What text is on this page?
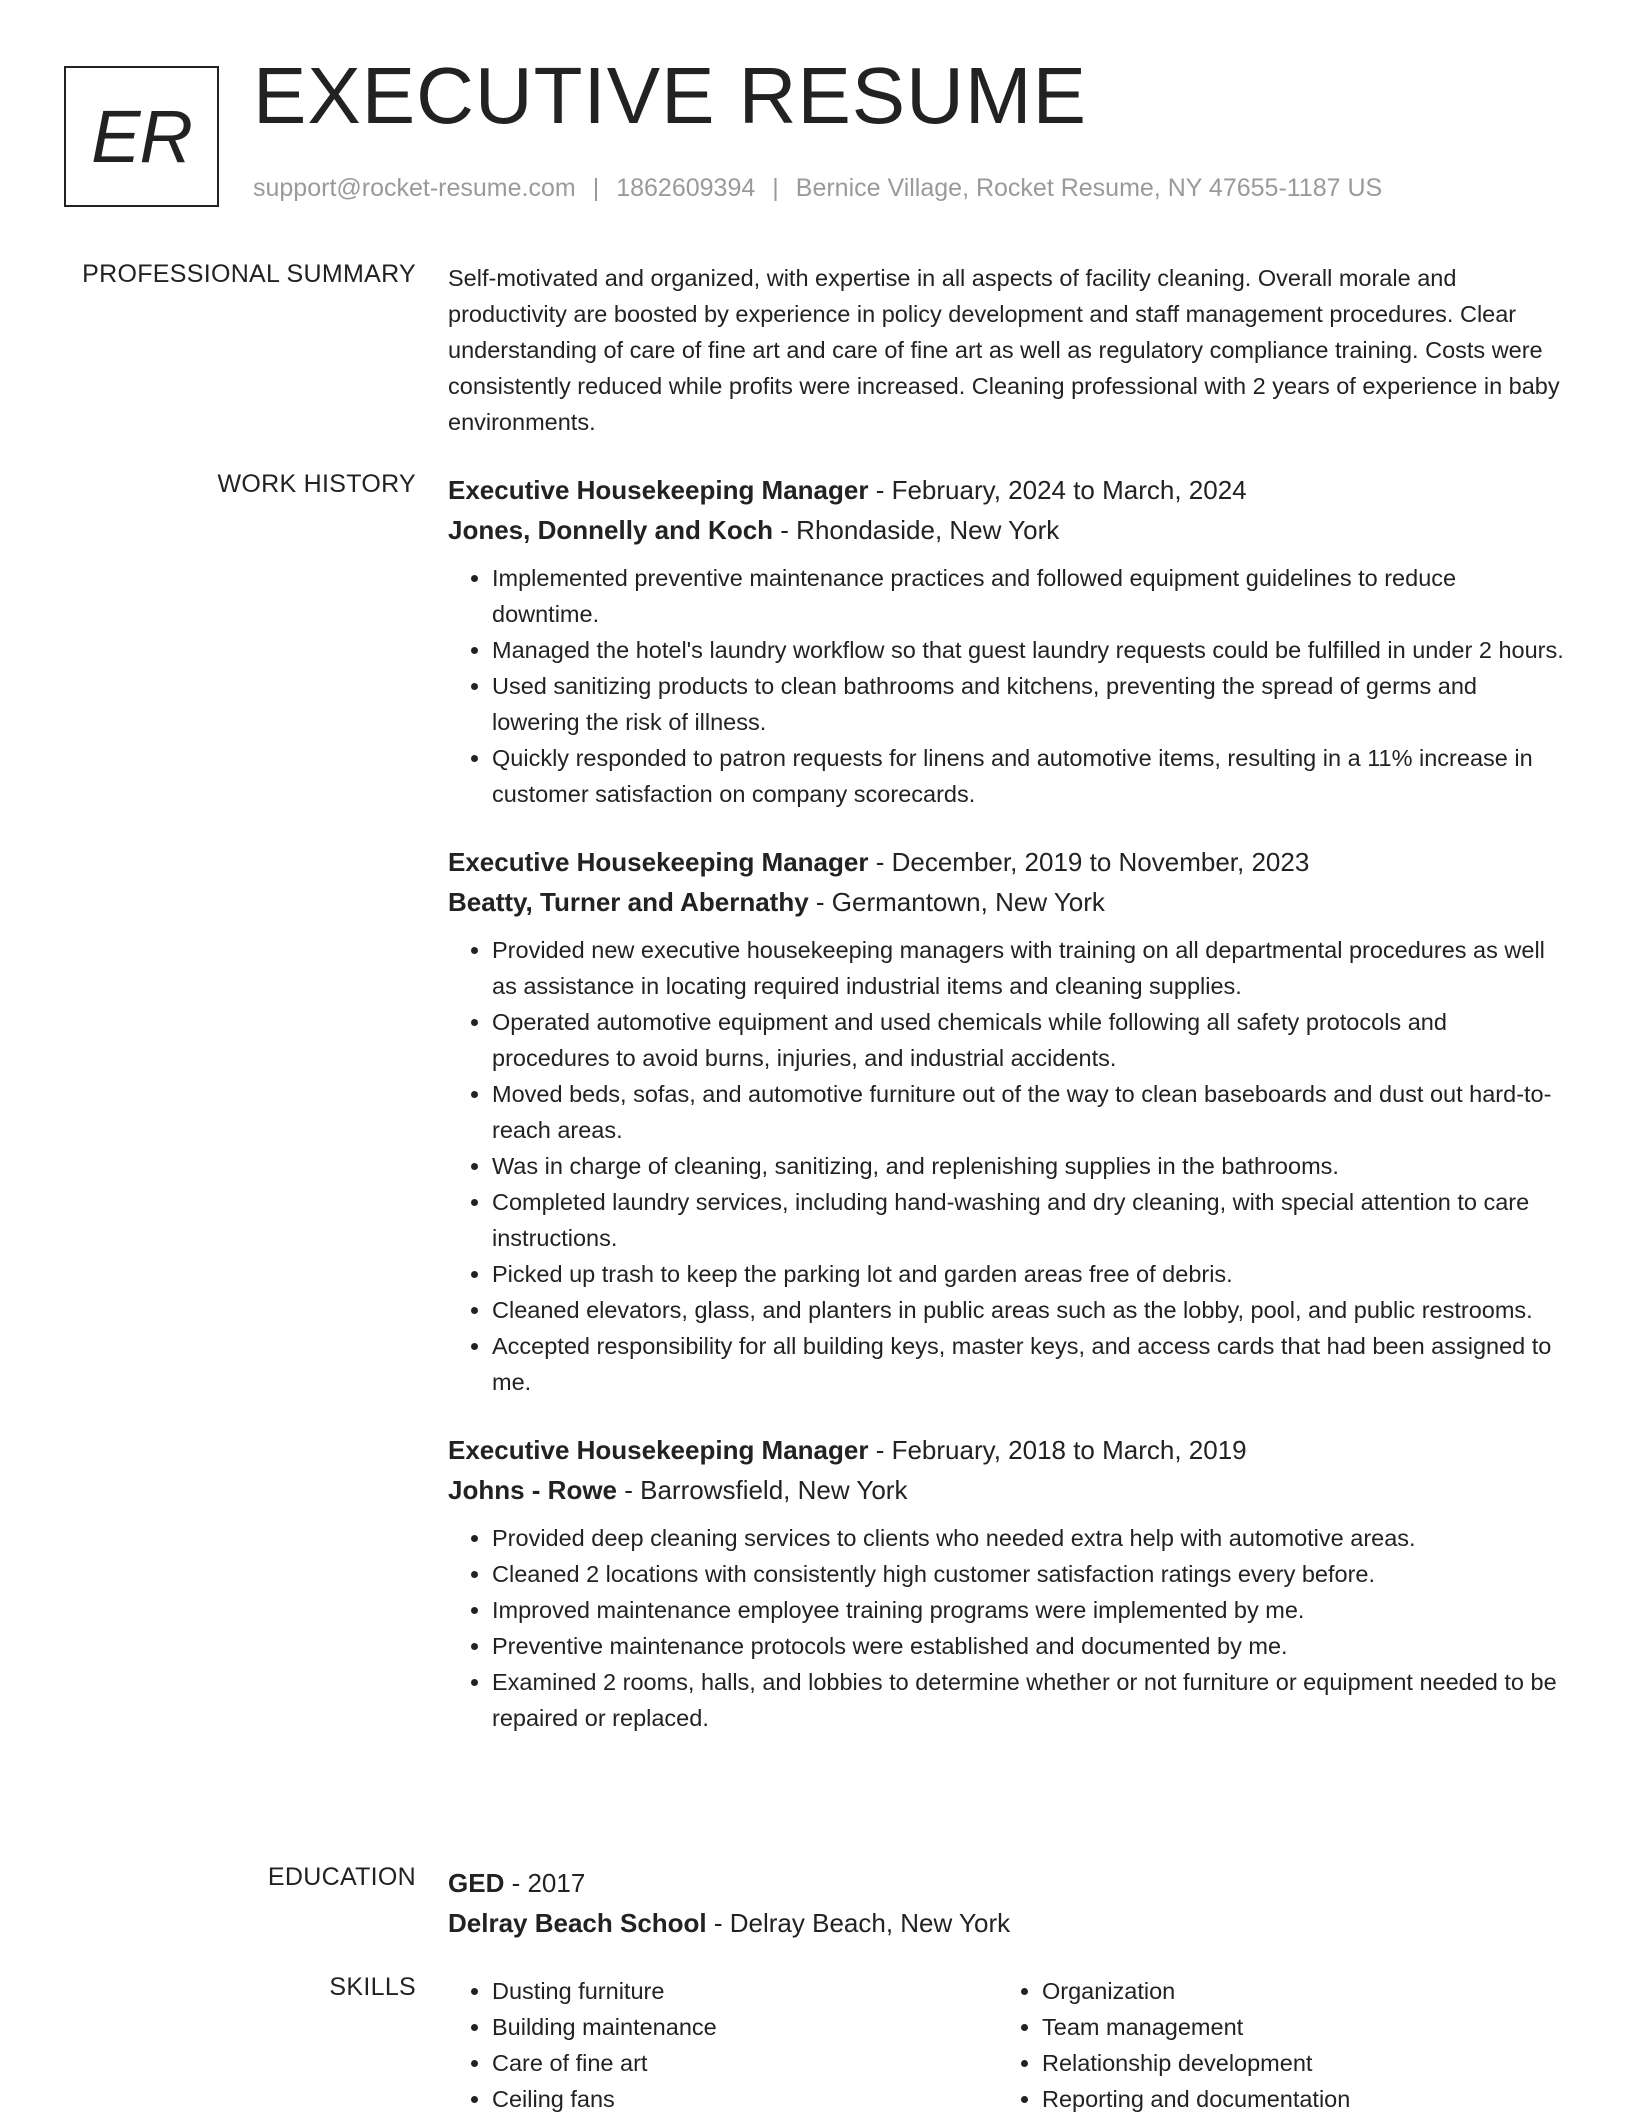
ER EXECUTIVE RESUME
support@rocket-resume.com | 1862609394 | Bernice Village, Rocket Resume, NY 47655-1187 US
PROFESSIONAL SUMMARY Self-motivated and organized, with expertise in all aspects of facility cleaning. Overall morale and productivity are boosted by experience in policy development and staff management procedures. Clear understanding of care of fine art and care of fine art as well as regulatory compliance training. Costs were consistently reduced while profits were increased. Cleaning professional with 2 years of experience in baby environments.

WORK HISTORY Executive Housekeeping Manager - February, 2024 to March, 2024
Jones, Donnelly and Koch - Rhondaside, New York
• Implemented preventive maintenance practices and followed equipment guidelines to reduce downtime.
• Managed the hotel's laundry workflow so that guest laundry requests could be fulfilled in under 2 hours.
• Used sanitizing products to clean bathrooms and kitchens, preventing the spread of germs and lowering the risk of illness.
• Quickly responded to patron requests for linens and automotive items, resulting in a 11% increase in customer satisfaction on company scorecards.
Executive Housekeeping Manager - December, 2019 to November, 2023
Beatty, Turner and Abernathy - Germantown, New York
• Provided new executive housekeeping managers with training on all departmental procedures as well as assistance in locating required industrial items and cleaning supplies.
• Operated automotive equipment and used chemicals while following all safety protocols and procedures to avoid burns, injuries, and industrial accidents.
• Moved beds, sofas, and automotive furniture out of the way to clean baseboards and dust out hard-to-reach areas.
• Was in charge of cleaning, sanitizing, and replenishing supplies in the bathrooms.
• Completed laundry services, including hand-washing and dry cleaning, with special attention to care instructions.
• Picked up trash to keep the parking lot and garden areas free of debris.
• Cleaned elevators, glass, and planters in public areas such as the lobby, pool, and public restrooms.
• Accepted responsibility for all building keys, master keys, and access cards that had been assigned to me.
Executive Housekeeping Manager - February, 2018 to March, 2019
Johns - Rowe - Barrowsfield, New York
• Provided deep cleaning services to clients who needed extra help with automotive areas.
• Cleaned 2 locations with consistently high customer satisfaction ratings every before.
• Improved maintenance employee training programs were implemented by me.
• Preventive maintenance protocols were established and documented by me.
• Examined 2 rooms, halls, and lobbies to determine whether or not furniture or equipment needed to be repaired or replaced.
EDUCATION GED - 2017
Delray Beach School - Delray Beach, New York
SKILLS
•	Dusting furniture
• Building maintenance
• Care of fine art
• Ceiling fans
• Organization
• Team management
• Relationship development
• Reporting and documentation
